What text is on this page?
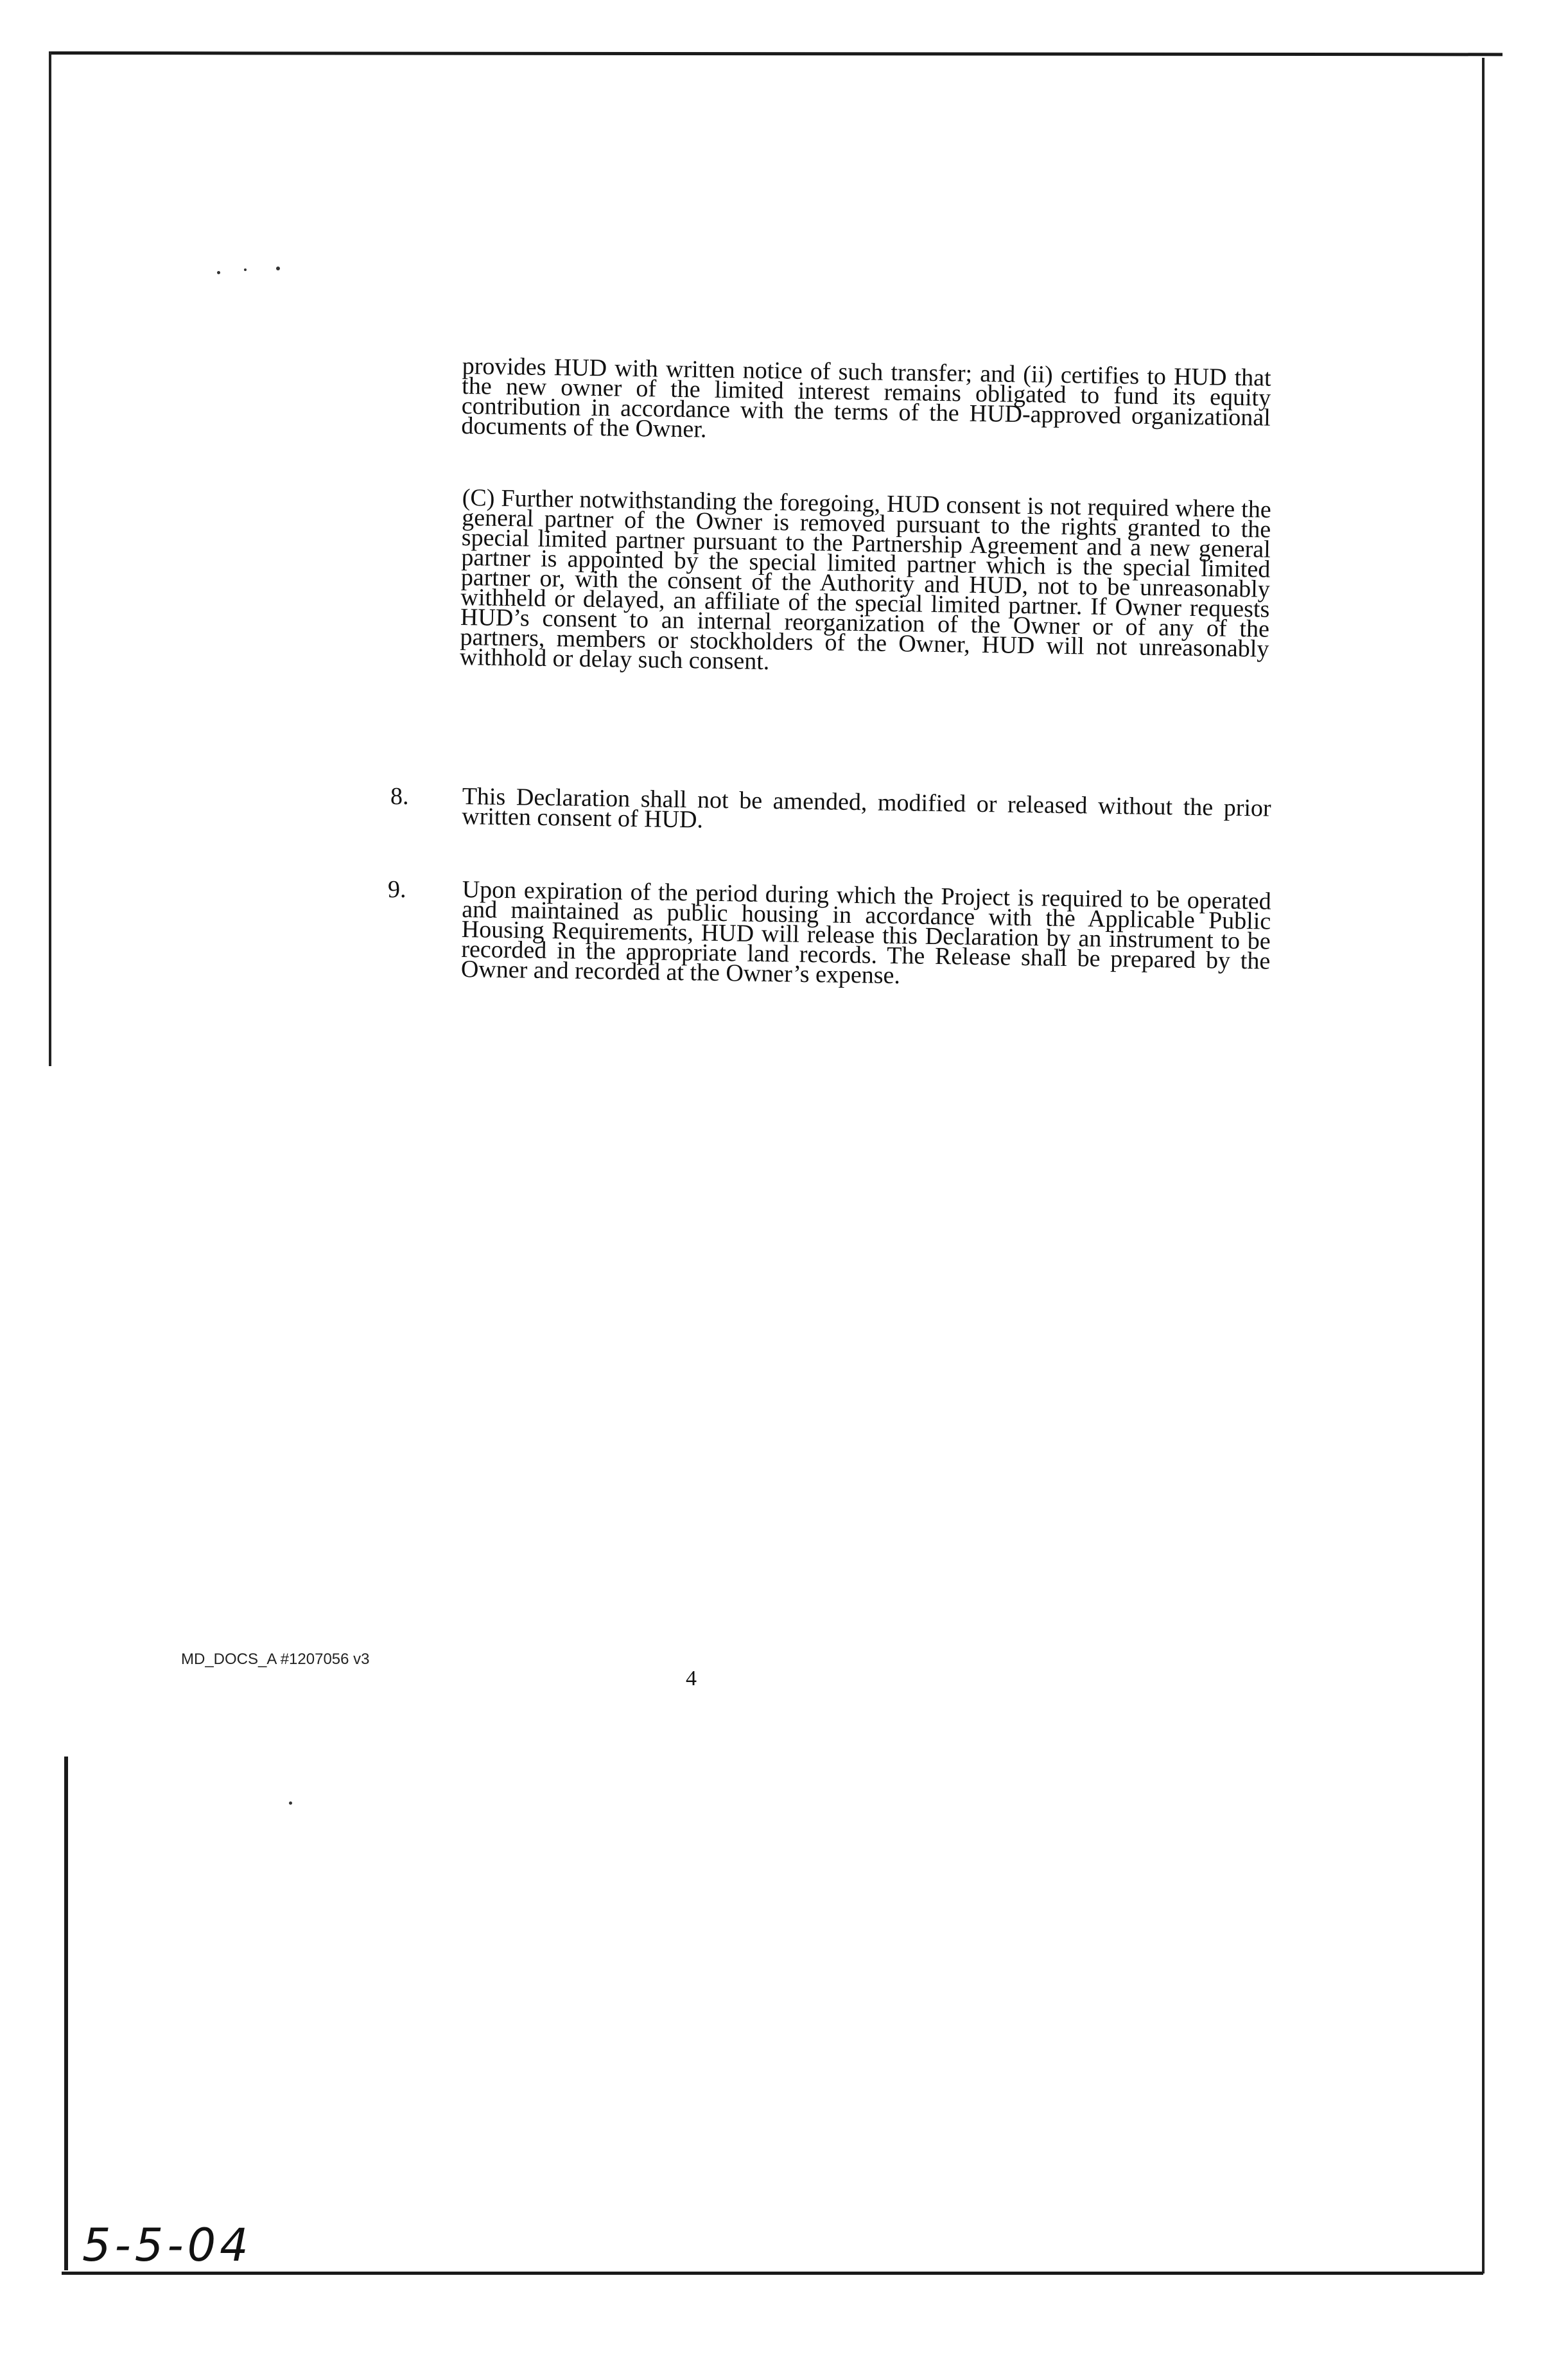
provides HUD with written notice of such transfer; and (ii) certifies to HUD that the new owner of the limited interest remains obligated to fund its equity contribution in accordance with the terms of the HUD-approved organizational documents of the Owner.
(C) Further notwithstanding the foregoing, HUD consent is not required where the general partner of the Owner is removed pursuant to the rights granted to the special limited partner pursuant to the Partnership Agreement and a new general partner is appointed by the special limited partner which is the special limited partner or, with the consent of the Authority and HUD, not to be unreasonably withheld or delayed, an affiliate of the special limited partner. If Owner requests HUD’s consent to an internal reorganization of the Owner or of any of the partners, members or stockholders of the Owner, HUD will not unreasonably withhold or delay such consent.
8. This Declaration shall not be amended, modified or released without the prior written consent of HUD.
9. Upon expiration of the period during which the Project is required to be operated and maintained as public housing in accordance with the Applicable Public Housing Requirements, HUD will release this Declaration by an instrument to be recorded in the appropriate land records. The Release shall be prepared by the Owner and recorded at the Owner’s expense.
MD_DOCS_A #1207056 v3
4
5-5-04
